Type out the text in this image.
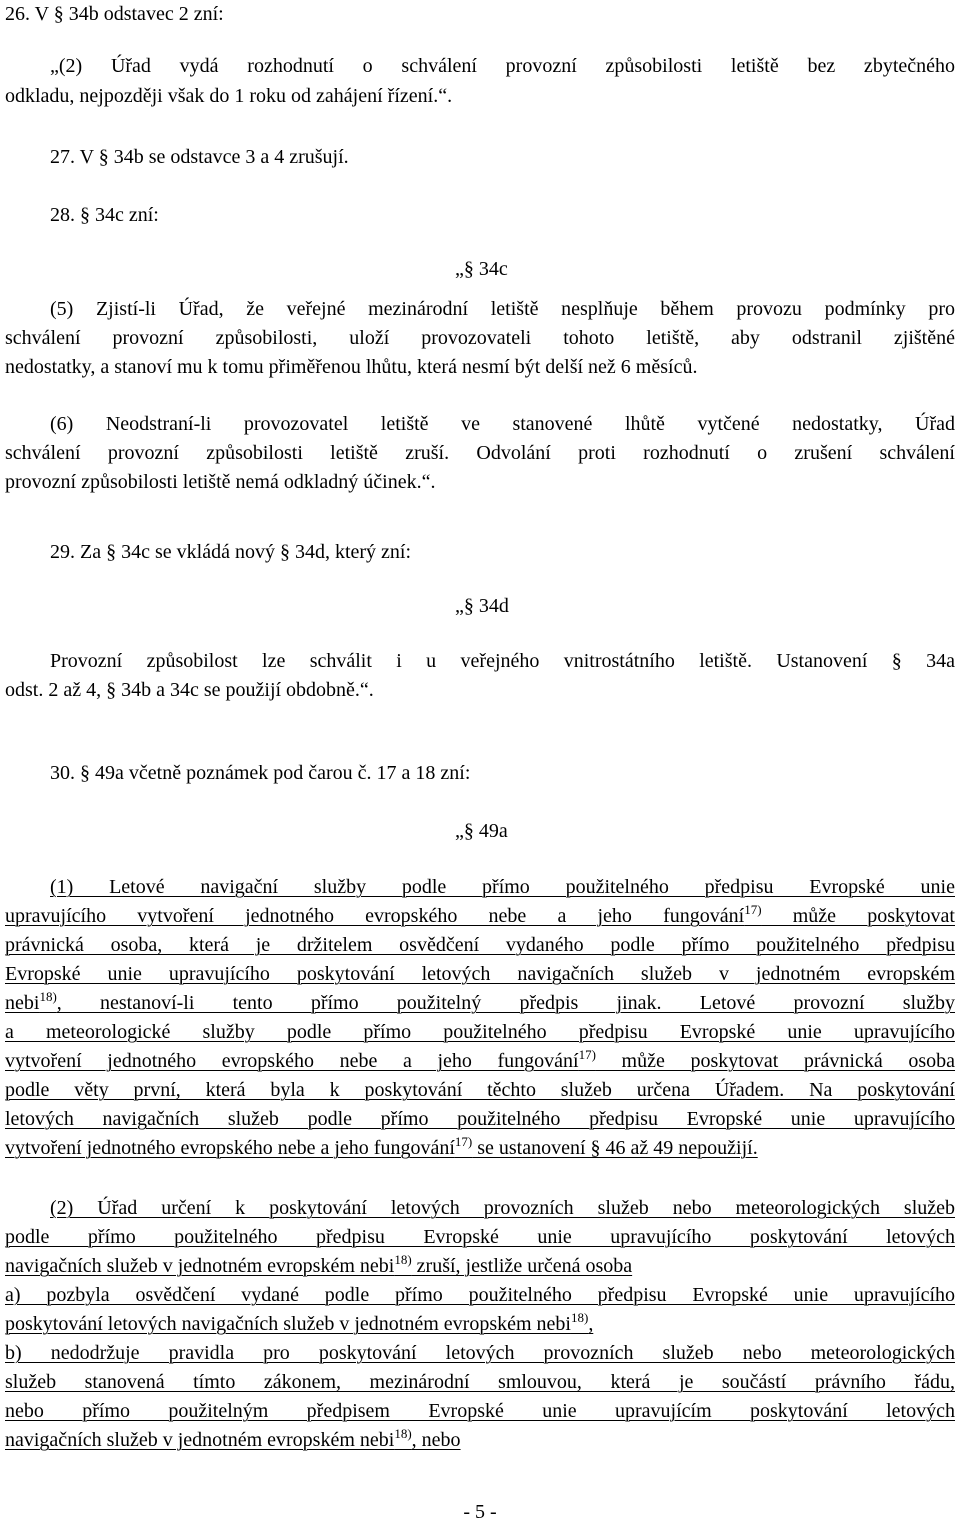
26. V § 34b odstavec 2 zní:
„(2) Úřad vydá rozhodnutí o schválení provozní způsobilosti letiště bez zbytečného
odkladu, nejpozději však do 1 roku od zahájení řízení.“.
27. V § 34b se odstavce 3 a 4 zrušují.
28. § 34c zní:
„§ 34c
(5) Zjistí-li Úřad, že veřejné mezinárodní letiště nesplňuje během provozu podmínky pro
schválení provozní způsobilosti, uloží provozovateli tohoto letiště, aby odstranil zjištěné
nedostatky, a stanoví mu k tomu přiměřenou lhůtu, která nesmí být delší než 6 měsíců.
(6) Neodstraní-li provozovatel letiště ve stanovené lhůtě vytčené nedostatky, Úřad
schválení provozní způsobilosti letiště zruší. Odvolání proti rozhodnutí o zrušení schválení
provozní způsobilosti letiště nemá odkladný účinek.“.
29. Za § 34c se vkládá nový § 34d, který zní:
„§ 34d
Provozní způsobilost lze schválit i u veřejného vnitrostátního letiště. Ustanovení § 34a
odst. 2 až 4, § 34b a 34c se použijí obdobně.“.
30. § 49a včetně poznámek pod čarou č. 17 a 18 zní:
„§ 49a
(1) Letové navigační služby podle přímo použitelného předpisu Evropské unie
upravujícího vytvoření jednotného evropského nebe a jeho fungování$^{17)}$ může poskytovat
právnická osoba, která je držitelem osvědčení vydaného podle přímo použitelného předpisu
Evropské unie upravujícího poskytování letových navigačních služeb v jednotném evropském
nebi$^{18)}$, nestanoví-li tento přímo použitelný předpis jinak. Letové provozní služby
a meteorologické služby podle přímo použitelného předpisu Evropské unie upravujícího
vytvoření jednotného evropského nebe a jeho fungování$^{17)}$ může poskytovat právnická osoba
podle věty první, která byla k poskytování těchto služeb určena Úřadem. Na poskytování
letových navigačních služeb podle přímo použitelného předpisu Evropské unie upravujícího
vytvoření jednotného evropského nebe a jeho fungování$^{17)}$ se ustanovení § 46 až 49 nepoužijí.
(2) Úřad určení k poskytování letových provozních služeb nebo meteorologických služeb
podle přímo použitelného předpisu Evropské unie upravujícího poskytování letových
navigačních služeb v jednotném evropském nebi$^{18)}$ zruší, jestliže určená osoba
a) pozbyla osvědčení vydané podle přímo použitelného předpisu Evropské unie upravujícího
poskytování letových navigačních služeb v jednotném evropském nebi$^{18)}$,
b) nedodržuje pravidla pro poskytování letových provozních služeb nebo meteorologických
služeb stanovená tímto zákonem, mezinárodní smlouvou, která je součástí právního řádu,
nebo přímo použitelným předpisem Evropské unie upravujícím poskytování letových
navigačních služeb v jednotném evropském nebi$^{18)}$, nebo
- 5 -
